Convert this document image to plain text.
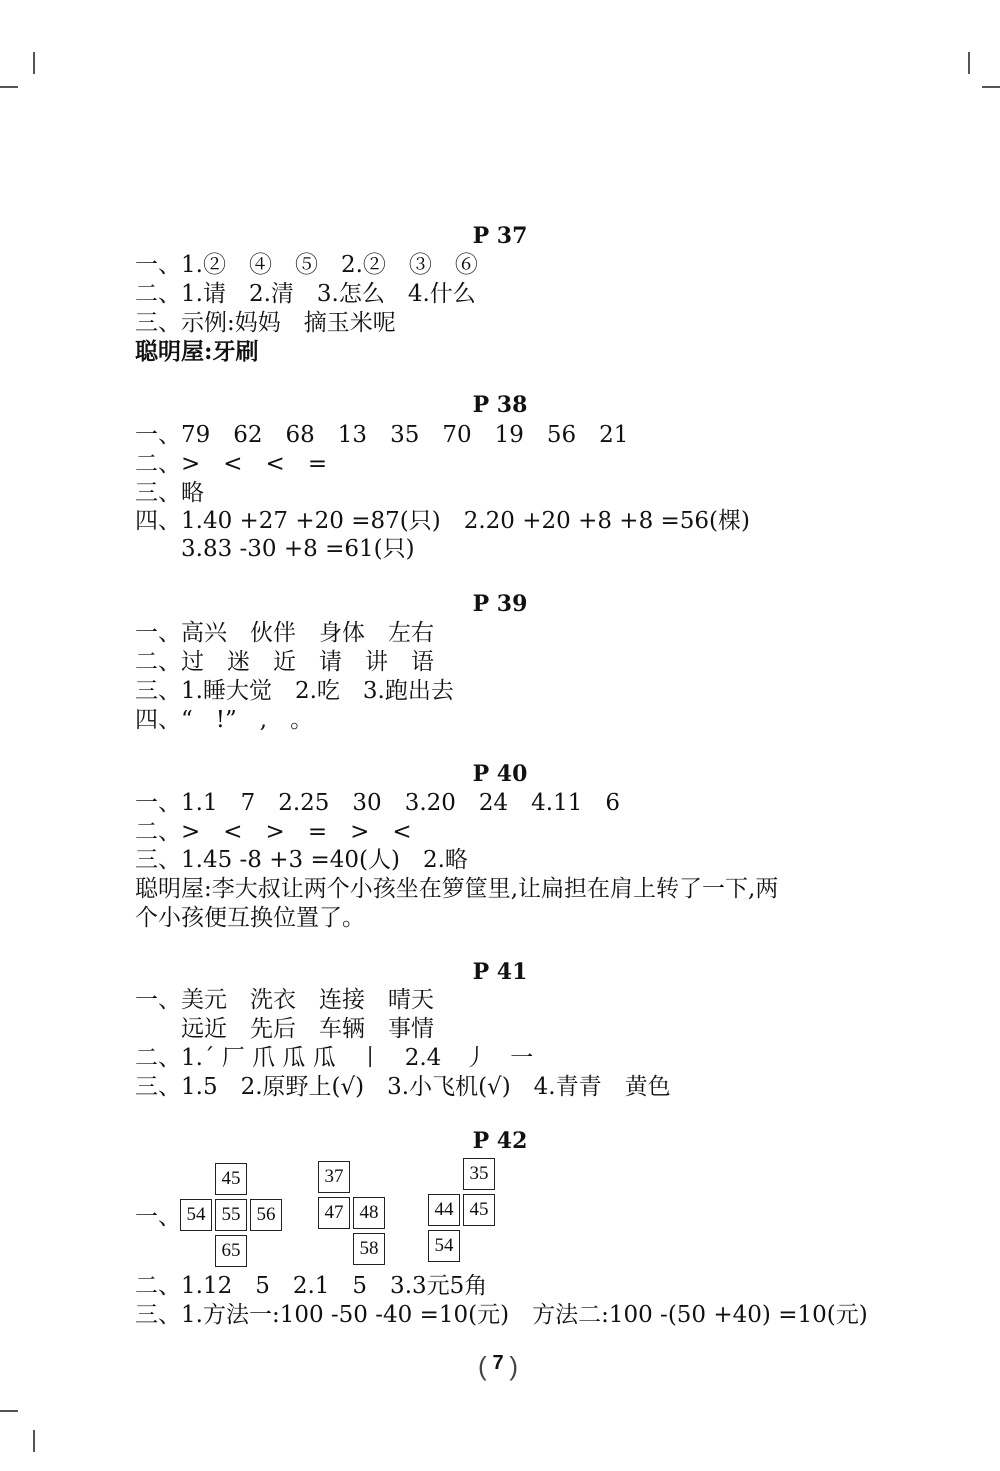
P 37
一、1.②　④　⑤　2.②　③　⑥
二、1.请　2.清　3.怎么　4.什么
三、示例:妈妈　摘玉米呢
聪明屋:牙刷
P 38
一、79　62　68　13　35　70　19　56　21
二、>　<　<　=
三、略
四、1.40 +27 +20 =87(只)　2.20 +20 +8 +8 =56(棵)
　　3.83 -30 +8 =61(只)
P 39
一、高兴　伙伴　身体　左右
二、过　迷　近　请　讲　语
三、1.睡大觉　2.吃　3.跑出去
四、“　!”　,　。
P 40
一、1.1　7　2.25　30　3.20　24　4.11　6
二、>　<　>　=　>　<
三、1.45 -8 +3 =40(人)　2.略
聪明屋:李大叔让两个小孩坐在箩筐里,让扁担在肩上转了一下,两
个小孩便互换位置了。
P 41
一、美元　洗衣　连接　晴天
　　远近　先后　车辆　事情
二、1.ˊ 厂 爪 瓜 瓜　丨　2.4　丿　一
三、1.5　2.原野上(√)　3.小飞机(√)　4.青青　黄色
P 42
一、
45
54 55 56
65
37
47 48
58
35
44 45
54
二、1.12　5　2.1　5　3.3元5角
三、1.方法一:100 -50 -40 =10(元)　方法二:100 -(50 +40) =10(元)
( 7 )
